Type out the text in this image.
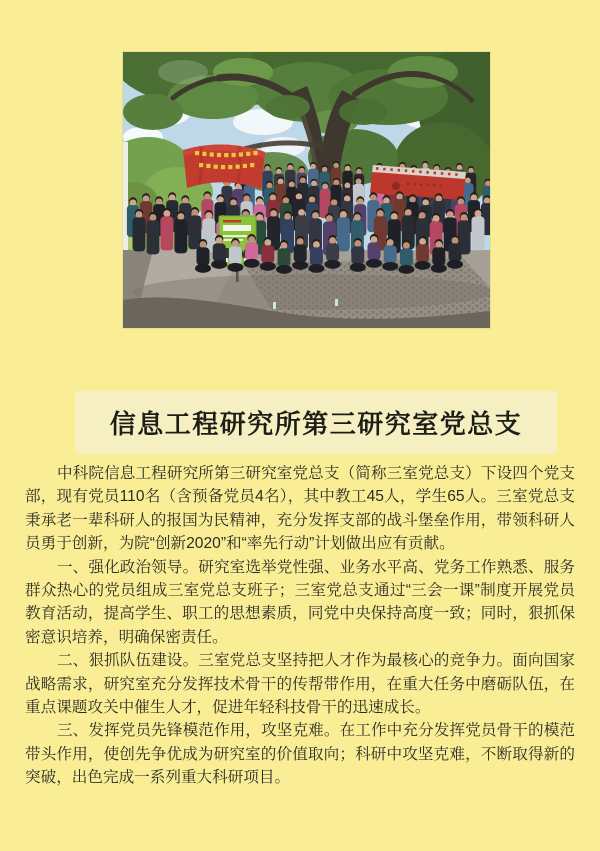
信息工程研究所第三研究室党总支

中科院信息工程研究所第三研究室党总支（简称三室党总支）下设四个党支部，现有党员110名（含预备党员4名），其中教工45人，学生65人。三室党总支秉承老一辈科研人的报国为民精神，充分发挥支部的战斗堡垒作用，带领科研人员勇于创新，为院“创新2020”和“率先行动”计划做出应有贡献。

一、强化政治领导。研究室选举党性强、业务水平高、党务工作熟悉、服务群众热心的党员组成三室党总支班子；三室党总支通过“三会一课”制度开展党员教育活动，提高学生、职工的思想素质，同党中央保持高度一致；同时，狠抓保密意识培养，明确保密责任。

二、狠抓队伍建设。三室党总支坚持把人才作为最核心的竞争力。面向国家战略需求，研究室充分发挥技术骨干的传帮带作用，在重大任务中磨砺队伍，在重点课题攻关中催生人才，促进年轻科技骨干的迅速成长。

三、发挥党员先锋模范作用，攻坚克难。在工作中充分发挥党员骨干的模范带头作用，使创先争优成为研究室的价值取向；科研中攻坚克难，不断取得新的突破，出色完成一系列重大科研项目。
